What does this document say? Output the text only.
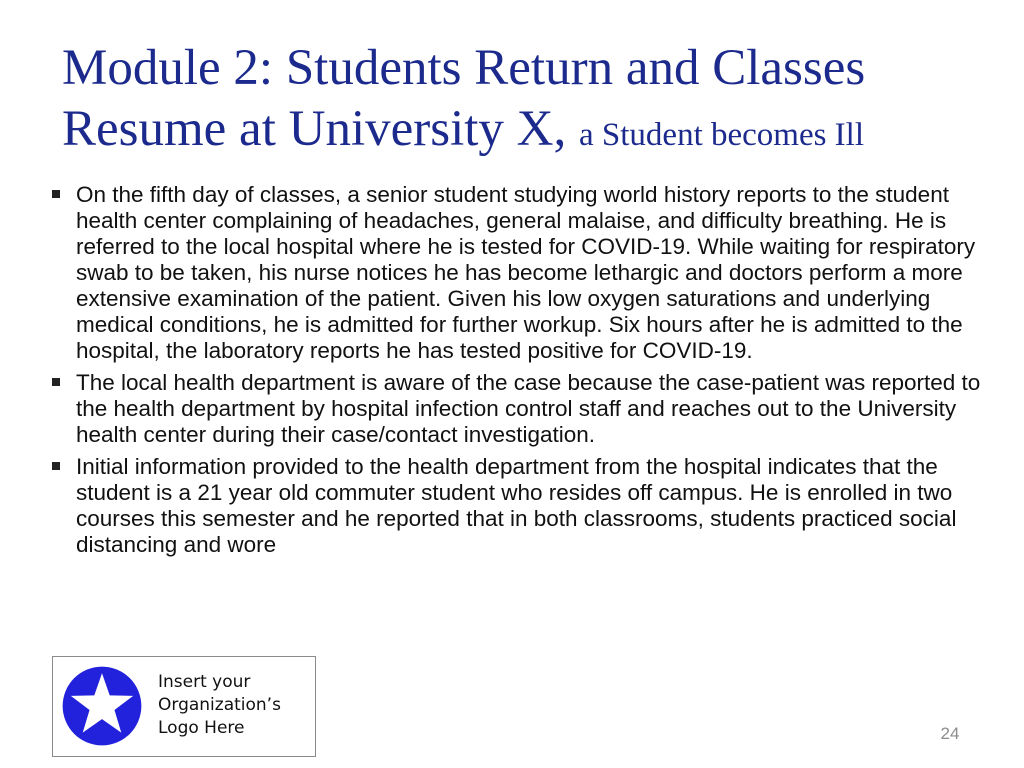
Module 2: Students Return and Classes Resume at University X, a Student becomes Ill
On the fifth day of classes, a senior student studying world history reports to the student health center complaining of headaches, general malaise, and difficulty breathing. He is referred to the local hospital where he is tested for COVID-19. While waiting for respiratory swab to be taken, his nurse notices he has become lethargic and doctors perform a more extensive examination of the patient. Given his low oxygen saturations and underlying medical conditions, he is admitted for further workup. Six hours after he is admitted to the hospital, the laboratory reports he has tested positive for COVID-19.
The local health department is aware of the case because the case-patient was reported to the health department by hospital infection control staff and reaches out to the University health center during their case/contact investigation.
Initial information provided to the health department from the hospital indicates that the student is a 21 year old commuter student who resides off campus. He is enrolled in two courses this semester and he reported that in both classrooms, students practiced social distancing and wore
Insert your
Organization’s
Logo Here	24
